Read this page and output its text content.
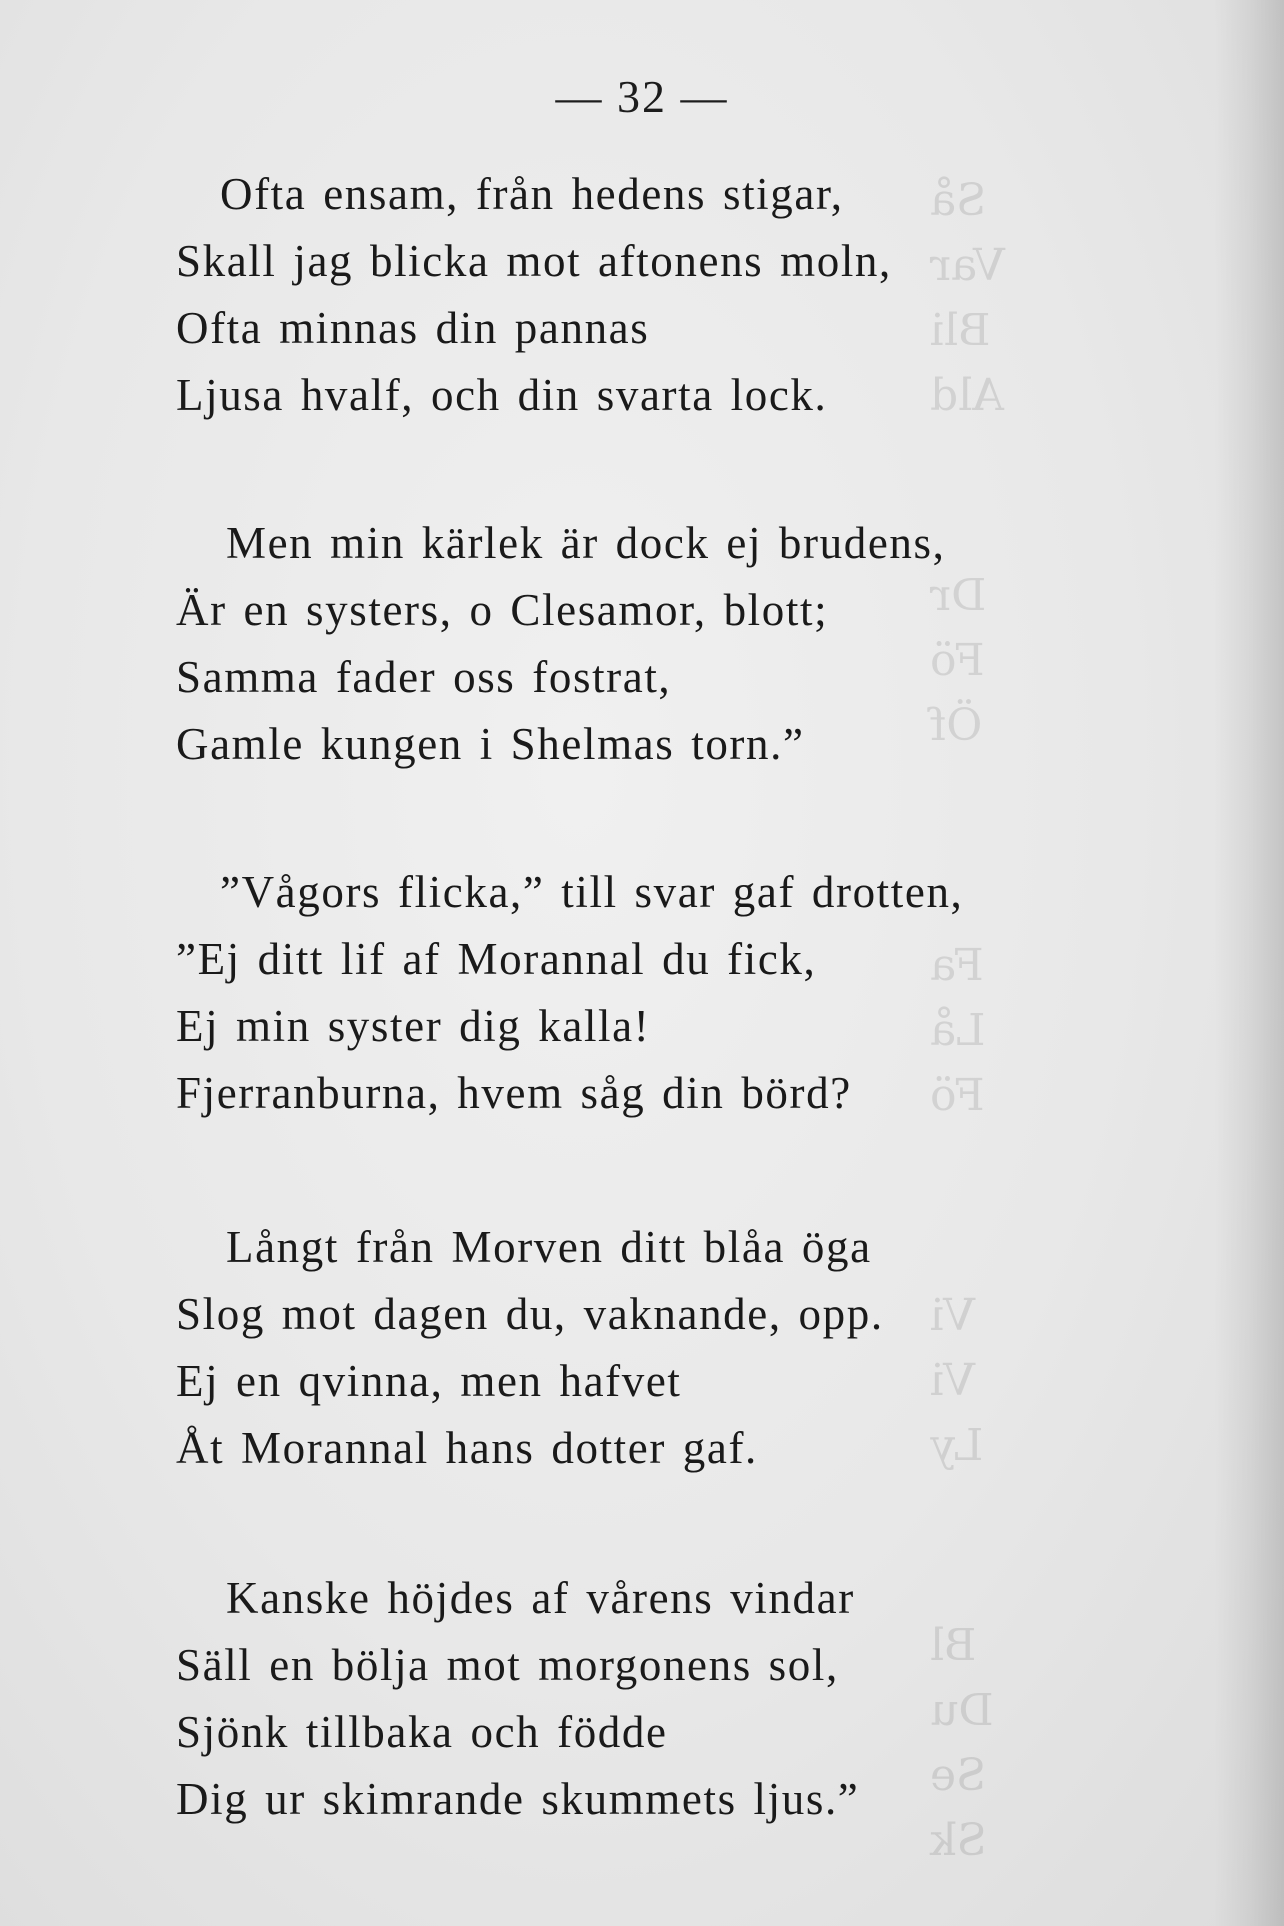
Så
Var
Bli
Ald
Dr
Fö
Öf
Fa
Lå
Fö
Vi
Vi
Ly
Bl
Du
Se
Sk
— 32 —
Ofta ensam, från hedens stigar,
Skall jag blicka mot aftonens moln,
Ofta minnas din pannas
Ljusa hvalf, och din svarta lock.
Men min kärlek är dock ej brudens,
Är en systers, o Clesamor, blott;
Samma fader oss fostrat,
Gamle kungen i Shelmas torn.”
”Vågors flicka,” till svar gaf drotten,
”Ej ditt lif af Morannal du fick,
Ej min syster dig kalla!
Fjerranburna, hvem såg din börd?
Långt från Morven ditt blåa öga
Slog mot dagen du, vaknande, opp.
Ej en qvinna, men hafvet
Åt Morannal hans dotter gaf.
Kanske höjdes af vårens vindar
Säll en bölja mot morgonens sol,
Sjönk tillbaka och födde
Dig ur skimrande skummets ljus.”
